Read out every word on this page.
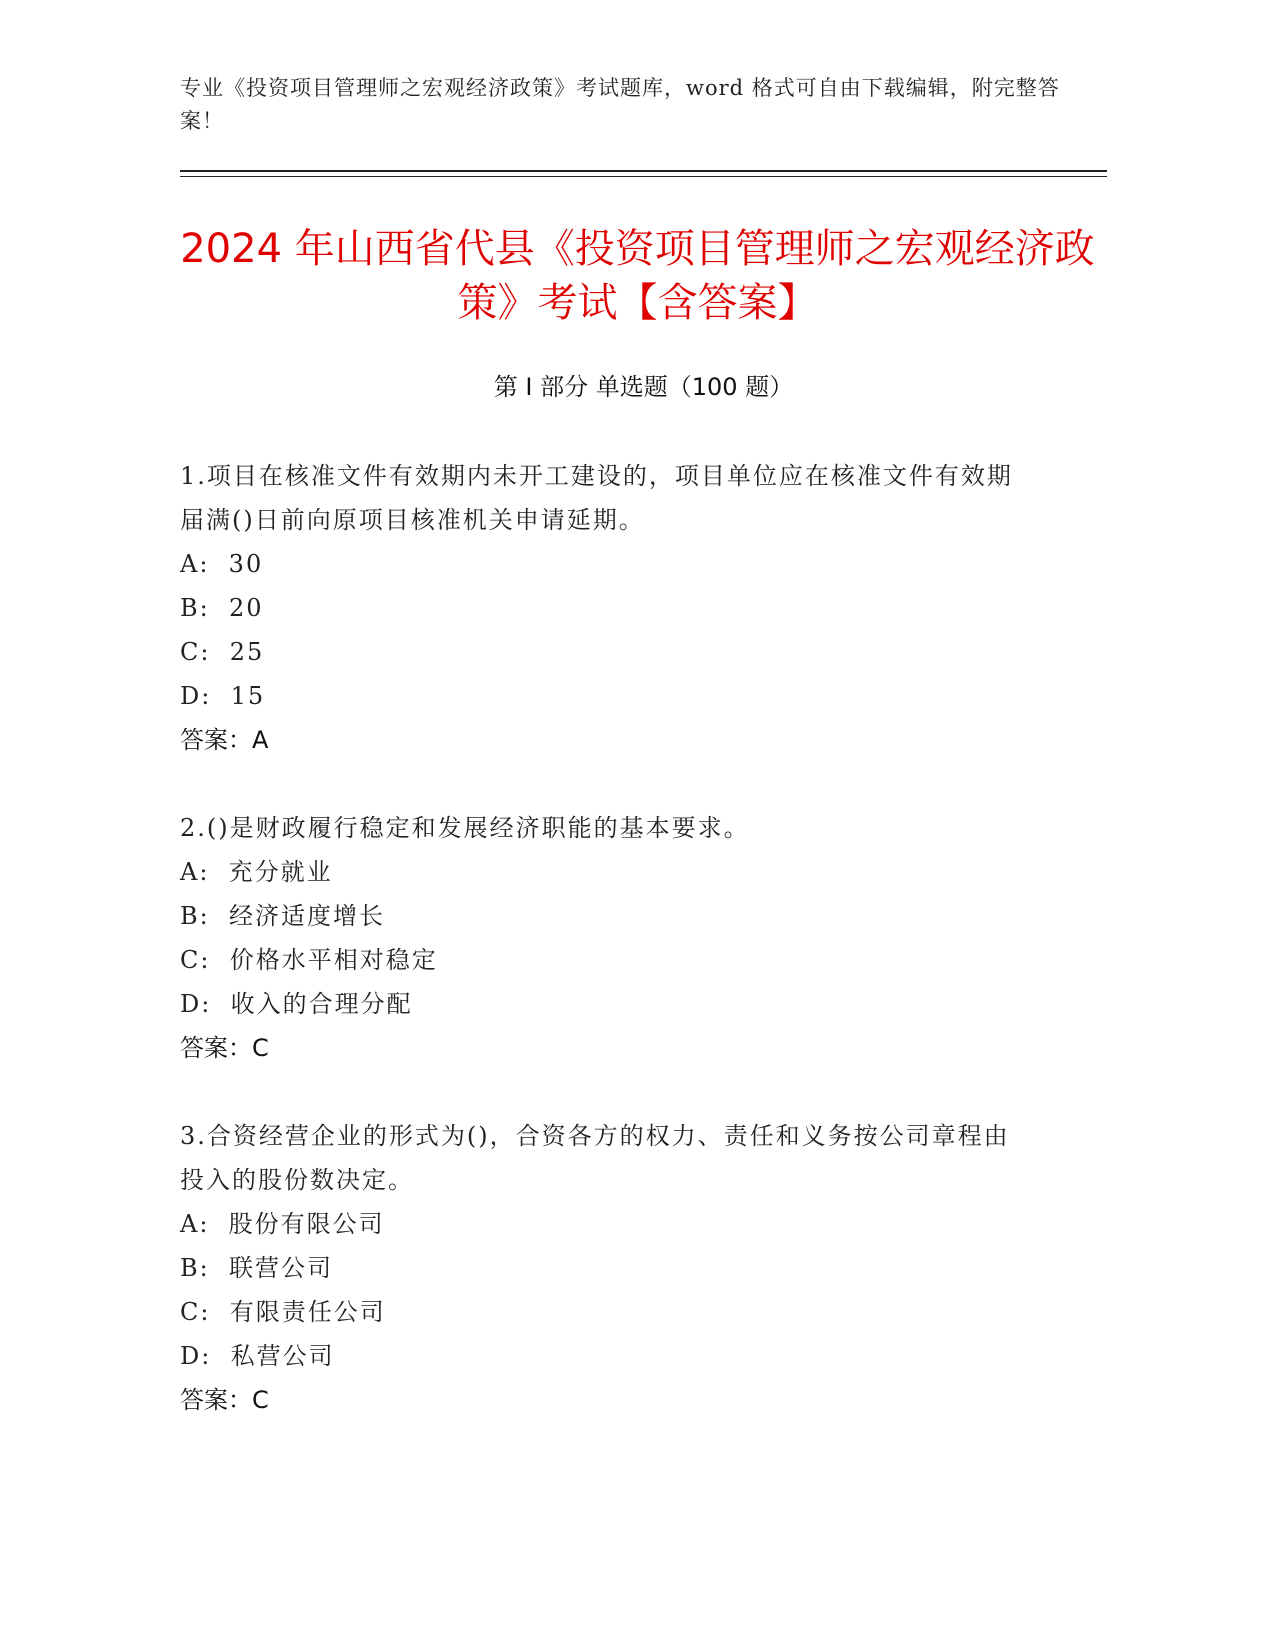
专业《投资项目管理师之宏观经济政策》考试题库，word 格式可自由下载编辑，附完整答案！
2024 年山西省代县《投资项目管理师之宏观经济政策》考试【含答案】
第 I 部分 单选题（100 题）
1.项目在核准文件有效期内未开工建设的，项目单位应在核准文件有效期届满()日前向原项目核准机关申请延期。
A:  30
B:  20
C:  25
D:  15
答案：A
2.()是财政履行稳定和发展经济职能的基本要求。
A:  充分就业
B:  经济适度增长
C:  价格水平相对稳定
D:  收入的合理分配
答案：C
3.合资经营企业的形式为()，合资各方的权力、责任和义务按公司章程由投入的股份数决定。
A:  股份有限公司
B:  联营公司
C:  有限责任公司
D:  私营公司
答案：C
